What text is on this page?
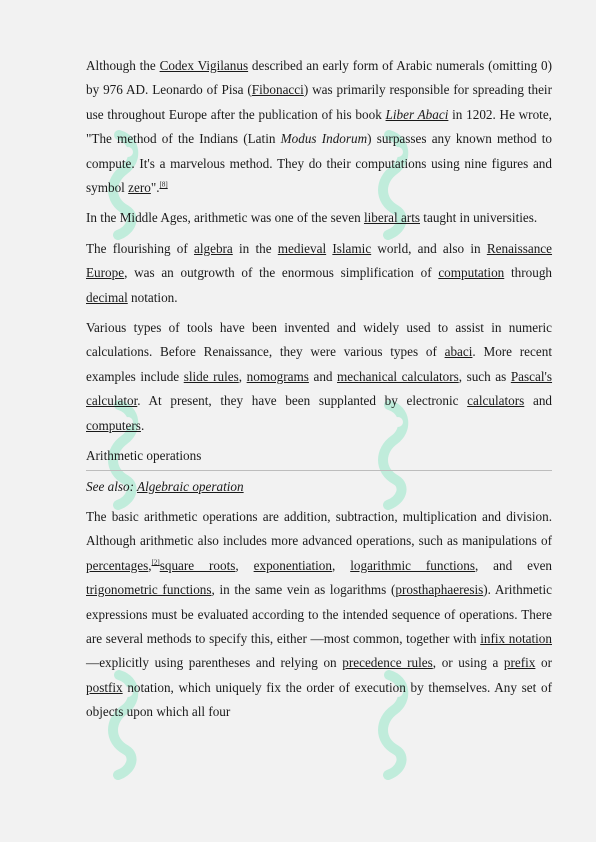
Although the Codex Vigilanus described an early form of Arabic numerals (omitting 0) by 976 AD. Leonardo of Pisa (Fibonacci) was primarily responsible for spreading their use throughout Europe after the publication of his book Liber Abaci in 1202. He wrote, "The method of the Indians (Latin Modus Indorum) surpasses any known method to compute. It's a marvelous method. They do their computations using nine figures and symbol zero".[8]

In the Middle Ages, arithmetic was one of the seven liberal arts taught in universities.

The flourishing of algebra in the medieval Islamic world, and also in Renaissance Europe, was an outgrowth of the enormous simplification of computation through decimal notation.

Various types of tools have been invented and widely used to assist in numeric calculations. Before Renaissance, they were various types of abaci. More recent examples include slide rules, nomograms and mechanical calculators, such as Pascal's calculator. At present, they have been supplanted by electronic calculators and computers.

Arithmetic operations
See also: Algebraic operation

The basic arithmetic operations are addition, subtraction, multiplication and division. Although arithmetic also includes more advanced operations, such as manipulations of percentages,[2]square roots, exponentiation, logarithmic functions, and even trigonometric functions, in the same vein as logarithms (prosthaphaeresis). Arithmetic expressions must be evaluated according to the intended sequence of operations. There are several methods to specify this, either —most common, together with infix notation—explicitly using parentheses and relying on precedence rules, or using a prefix or postfix notation, which uniquely fix the order of execution by themselves. Any set of objects upon which all four
